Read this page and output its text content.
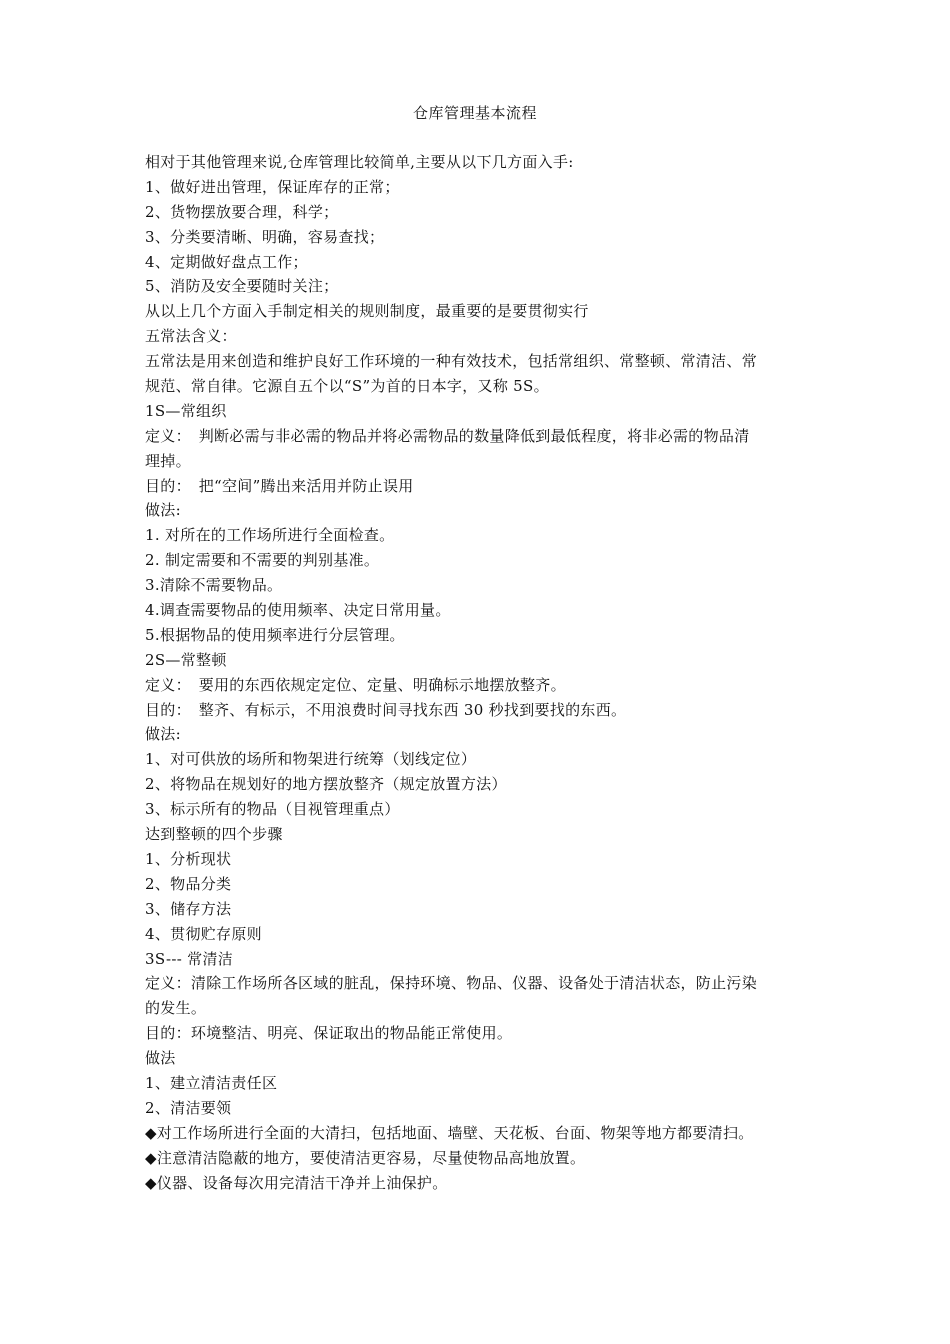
仓库管理基本流程
相对于其他管理来说,仓库管理比较简单,主要从以下几方面入手:
1、做好进出管理，保证库存的正常；
2、货物摆放要合理，科学；
3、分类要清晰、明确，容易查找；
4、定期做好盘点工作；
5、消防及安全要随时关注；
从以上几个方面入手制定相关的规则制度，最重要的是要贯彻实行
五常法含义：
五常法是用来创造和维护良好工作环境的一种有效技术，包括常组织、常整顿、常清洁、常
规范、常自律。它源自五个以“S”为首的日本字，又称 5S。
1S—常组织
定义：　判断必需与非必需的物品并将必需物品的数量降低到最低程度，将非必需的物品清
理掉。
目的：　把“空间”腾出来活用并防止误用
做法:
1. 对所在的工作场所进行全面检查。
2. 制定需要和不需要的判别基准。
3.清除不需要物品。
4.调查需要物品的使用频率、决定日常用量。
5.根据物品的使用频率进行分层管理。
2S—常整顿
定义：　要用的东西依规定定位、定量、明确标示地摆放整齐。
目的：　整齐、有标示，不用浪费时间寻找东西 30 秒找到要找的东西。
做法:
1、对可供放的场所和物架进行统筹（划线定位）
2、将物品在规划好的地方摆放整齐（规定放置方法）
3、标示所有的物品（目视管理重点）
达到整顿的四个步骤
1、分析现状
2、物品分类
3、储存方法
4、贯彻贮存原则
3S--- 常清洁
定义：清除工作场所各区域的脏乱，保持环境、物品、仪器、设备处于清洁状态，防止污染
的发生。
目的：环境整洁、明亮、保证取出的物品能正常使用。
做法
1、建立清洁责任区
2、清洁要领
◆对工作场所进行全面的大清扫，包括地面、墙壁、天花板、台面、物架等地方都要清扫。
◆注意清洁隐蔽的地方，要使清洁更容易，尽量使物品高地放置。
◆仪器、设备每次用完清洁干净并上油保护。
